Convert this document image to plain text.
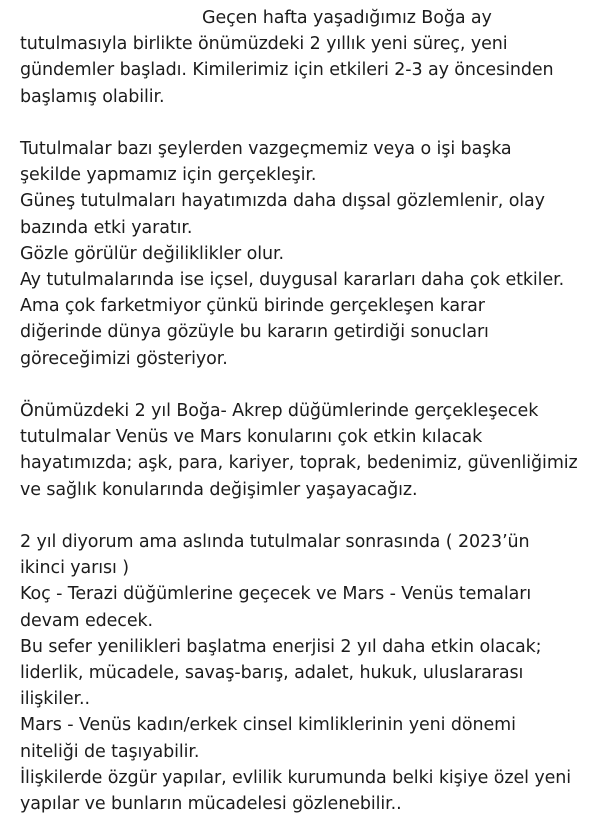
Geçen hafta yaşadığımız Boğa ay
tutulmasıyla birlikte önümüzdeki 2 yıllık yeni süreç, yeni
gündemler başladı. Kimilerimiz için etkileri 2-3 ay öncesinden
başlamış olabilir.

Tutulmalar bazı şeylerden vazgeçmemiz veya o işi başka
şekilde yapmamız için gerçekleşir.
Güneş tutulmaları hayatımızda daha dışsal gözlemlenir, olay
bazında etki yaratır.
Gözle görülür değiliklikler olur.
Ay tutulmalarında ise içsel, duygusal kararları daha çok etkiler.
Ama çok farketmiyor çünkü birinde gerçekleşen karar
diğerinde dünya gözüyle bu kararın getirdiği sonucları
göreceğimizi gösteriyor.

Önümüzdeki 2 yıl Boğa- Akrep düğümlerinde gerçekleşecek
tutulmalar Venüs ve Mars konularını çok etkin kılacak
hayatımızda; aşk, para, kariyer, toprak, bedenimiz, güvenliğimiz
ve sağlık konularında değişimler yaşayacağız.

2 yıl diyorum ama aslında tutulmalar sonrasında ( 2023’ün
ikinci yarısı )
Koç - Terazi düğümlerine geçecek ve Mars - Venüs temaları
devam edecek.
Bu sefer yenilikleri başlatma enerjisi 2 yıl daha etkin olacak;
liderlik, mücadele, savaş-barış, adalet, hukuk, uluslararası
ilişkiler..
Mars - Venüs kadın/erkek cinsel kimliklerinin yeni dönemi
niteliği de taşıyabilir.
İlişkilerde özgür yapılar, evlilik kurumunda belki kişiye özel yeni
yapılar ve bunların mücadelesi gözlenebilir..
